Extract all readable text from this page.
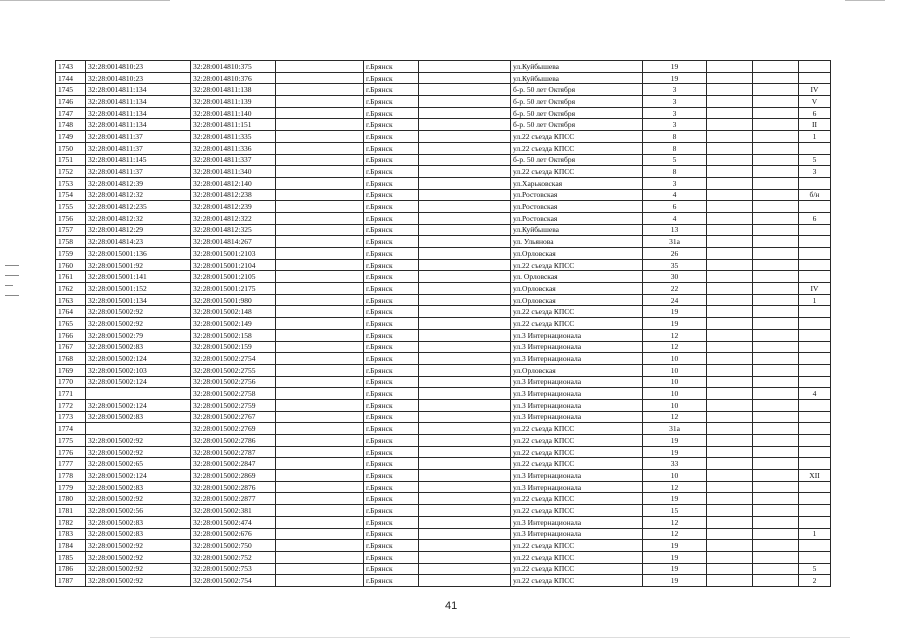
1743	32:28:0014810:23	32:28:0014810:375		г.Брянск		ул.Куйбышева	19			
1744	32:28:0014810:23	32:28:0014810:376		г.Брянск		ул.Куйбышева	19			
1745	32:28:0014811:134	32:28:0014811:138		г.Брянск		б-р. 50 лет Октября	3			IV
1746	32:28:0014811:134	32:28:0014811:139		г.Брянск		б-р. 50 лет Октября	3			V
1747	32:28:0014811:134	32:28:0014811:140		г.Брянск		б-р. 50 лет Октября	3			6
1748	32:28:0014811:134	32:28:0014811:151		г.Брянск		б-р. 50 лет Октября	3			II
1749	32:28:0014811:37	32:28:0014811:335		г.Брянск		ул.22 съезда КПСС	8			1
1750	32:28:0014811:37	32:28:0014811:336		г.Брянск		ул.22 съезда КПСС	8			
1751	32:28:0014811:145	32:28:0014811:337		г.Брянск		б-р. 50 лет Октября	5			5
1752	32:28:0014811:37	32:28:0014811:340		г.Брянск		ул.22 съезда КПСС	8			3
1753	32:28:0014812:39	32:28:0014812:140		г.Брянск		ул.Харьковская	3			
1754	32:28:0014812:32	32:28:0014812:238		г.Брянск		ул.Ростовская	4			б/н
1755	32:28:0014812:235	32:28:0014812:239		г.Брянск		ул.Ростовская	6			
1756	32:28:0014812:32	32:28:0014812:322		г.Брянск		ул.Ростовская	4			6
1757	32:28:0014812:29	32:28:0014812:325		г.Брянск		ул.Куйбышева	13			
1758	32:28:0014814:23	32:28:0014814:267		г.Брянск		ул. Ульянова	31a			
1759	32:28:0015001:136	32:28:0015001:2103		г.Брянск		ул.Орловская	26			
1760	32:28:0015001:92	32:28:0015001:2104		г.Брянск		ул.22 съезда КПСС	35			
1761	32:28:0015001:141	32:28:0015001:2105		г.Брянск		ул. Орловская	30			
1762	32:28:0015001:152	32:28:0015001:2175		г.Брянск		ул.Орловская	22			IV
1763	32:28:0015001:134	32:28:0015001:980		г.Брянск		ул.Орловская	24			1
1764	32:28:0015002:92	32:28:0015002:148		г.Брянск		ул.22 съезда КПСС	19			
1765	32:28:0015002:92	32:28:0015002:149		г.Брянск		ул.22 съезда КПСС	19			
1766	32:28:0015002:79	32:28:0015002:158		г.Брянск		ул.3 Интернационала	12			
1767	32:28:0015002:83	32:28:0015002:159		г.Брянск		ул.3 Интернационала	12			
1768	32:28:0015002:124	32:28:0015002:2754		г.Брянск		ул.3 Интернационала	10			
1769	32:28:0015002:103	32:28:0015002:2755		г.Брянск		ул.Орловская	10			
1770	32:28:0015002:124	32:28:0015002:2756		г.Брянск		ул.3 Интернационала	10			
1771		32:28:0015002:2758		г.Брянск		ул.3 Интернационала	10			4
1772	32:28:0015002:124	32:28:0015002:2759		г.Брянск		ул.3 Интернационала	10			
1773	32:28:0015002:83	32:28:0015002:2767		г.Брянск		ул.3 Интернационала	12			
1774		32:28:0015002:2769		г.Брянск		ул.22 съезда КПСС	31a			
1775	32:28:0015002:92	32:28:0015002:2786		г.Брянск		ул.22 съезда КПСС	19			
1776	32:28:0015002:92	32:28:0015002:2787		г.Брянск		ул.22 съезда КПСС	19			
1777	32:28:0015002:65	32:28:0015002:2847		г.Брянск		ул.22 съезда КПСС	33			
1778	32:28:0015002:124	32:28:0015002:2869		г.Брянск		ул.3 Интернационала	10			XII
1779	32:28:0015002:83	32:28:0015002:2876		г.Брянск		ул.3 Интернационала	12			
1780	32:28:0015002:92	32:28:0015002:2877		г.Брянск		ул.22 съезда КПСС	19			
1781	32:28:0015002:56	32:28:0015002:381		г.Брянск		ул.22 съезда КПСС	15			
1782	32:28:0015002:83	32:28:0015002:474		г.Брянск		ул.3 Интернационала	12			
1783	32:28:0015002:83	32:28:0015002:676		г.Брянск		ул.3 Интернационала	12			1
1784	32:28:0015002:92	32:28:0015002:750		г.Брянск		ул.22 съезда КПСС	19			
1785	32:28:0015002:92	32:28:0015002:752		г.Брянск		ул.22 съезда КПСС	19			
1786	32:28:0015002:92	32:28:0015002:753		г.Брянск		ул.22 съезда КПСС	19			5
1787	32:28:0015002:92	32:28:0015002:754		г.Брянск		ул.22 съезда КПСС	19			2
41
